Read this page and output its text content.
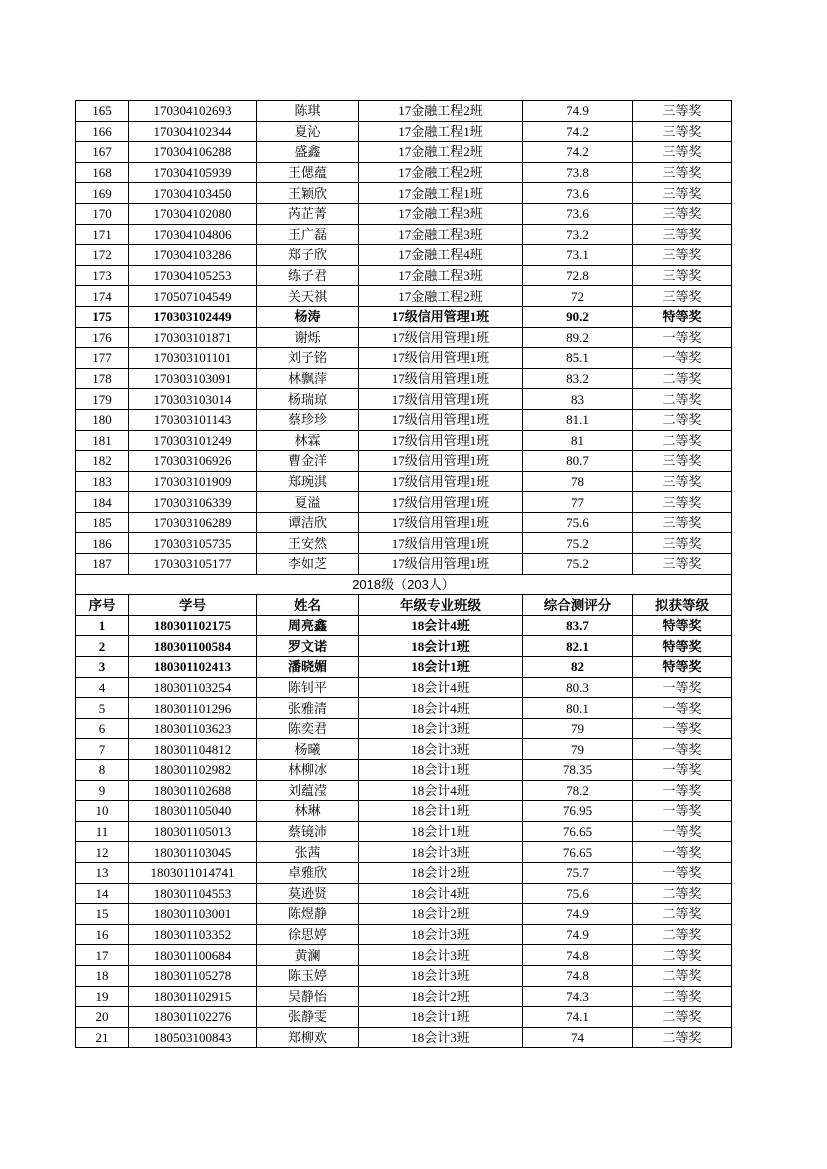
165	170304102693	陈琪	17金融工程2班	74.9	三等奖
166	170304102344	夏沁	17金融工程1班	74.2	三等奖
167	170304106288	盛鑫	17金融工程2班	74.2	三等奖
168	170304105939	王偲蕴	17金融工程2班	73.8	三等奖
169	170304103450	王颖欣	17金融工程1班	73.6	三等奖
170	170304102080	芮芷菁	17金融工程3班	73.6	三等奖
171	170304104806	王广磊	17金融工程3班	73.2	三等奖
172	170304103286	郑子欣	17金融工程4班	73.1	三等奖
173	170304105253	练子君	17金融工程3班	72.8	三等奖
174	170507104549	关天祺	17金融工程2班	72	三等奖
175	170303102449	杨涛	17级信用管理1班	90.2	特等奖
176	170303101871	谢烁	17级信用管理1班	89.2	一等奖
177	170303101101	刘子铭	17级信用管理1班	85.1	一等奖
178	170303103091	林飘萍	17级信用管理1班	83.2	二等奖
179	170303103014	杨瑞琼	17级信用管理1班	83	二等奖
180	170303101143	蔡珍珍	17级信用管理1班	81.1	二等奖
181	170303101249	林霖	17级信用管理1班	81	二等奖
182	170303106926	曹金洋	17级信用管理1班	80.7	三等奖
183	170303101909	郑琬淇	17级信用管理1班	78	三等奖
184	170303106339	夏溢	17级信用管理1班	77	三等奖
185	170303106289	谭洁欣	17级信用管理1班	75.6	三等奖
186	170303105735	王安然	17级信用管理1班	75.2	三等奖
187	170303105177	李如芝	17级信用管理1班	75.2	三等奖
2018级（203人）					
序号	学号	姓名	年级专业班级	综合测评分	拟获等级
1	180301102175	周亮鑫	18会计4班	83.7	特等奖
2	180301100584	罗文诺	18会计1班	82.1	特等奖
3	180301102413	潘晓媚	18会计1班	82	特等奖
4	180301103254	陈钊平	18会计4班	80.3	一等奖
5	180301101296	张雅清	18会计4班	80.1	一等奖
6	180301103623	陈奕君	18会计3班	79	一等奖
7	180301104812	杨曦	18会计3班	79	一等奖
8	180301102982	林柳冰	18会计1班	78.35	一等奖
9	180301102688	刘蕴滢	18会计4班	78.2	一等奖
10	180301105040	林琳	18会计1班	76.95	一等奖
11	180301105013	蔡镜沛	18会计1班	76.65	一等奖
12	180301103045	张茜	18会计3班	76.65	一等奖
13	1803011014741	卓雅欣	18会计2班	75.7	一等奖
14	180301104553	莫逊贤	18会计4班	75.6	二等奖
15	180301103001	陈煜静	18会计2班	74.9	二等奖
16	180301103352	徐思婷	18会计3班	74.9	二等奖
17	180301100684	黄澜	18会计3班	74.8	二等奖
18	180301105278	陈玉婷	18会计3班	74.8	二等奖
19	180301102915	吴静怡	18会计2班	74.3	二等奖
20	180301102276	张静雯	18会计1班	74.1	二等奖
21	180503100843	郑柳欢	18会计3班	74	二等奖
